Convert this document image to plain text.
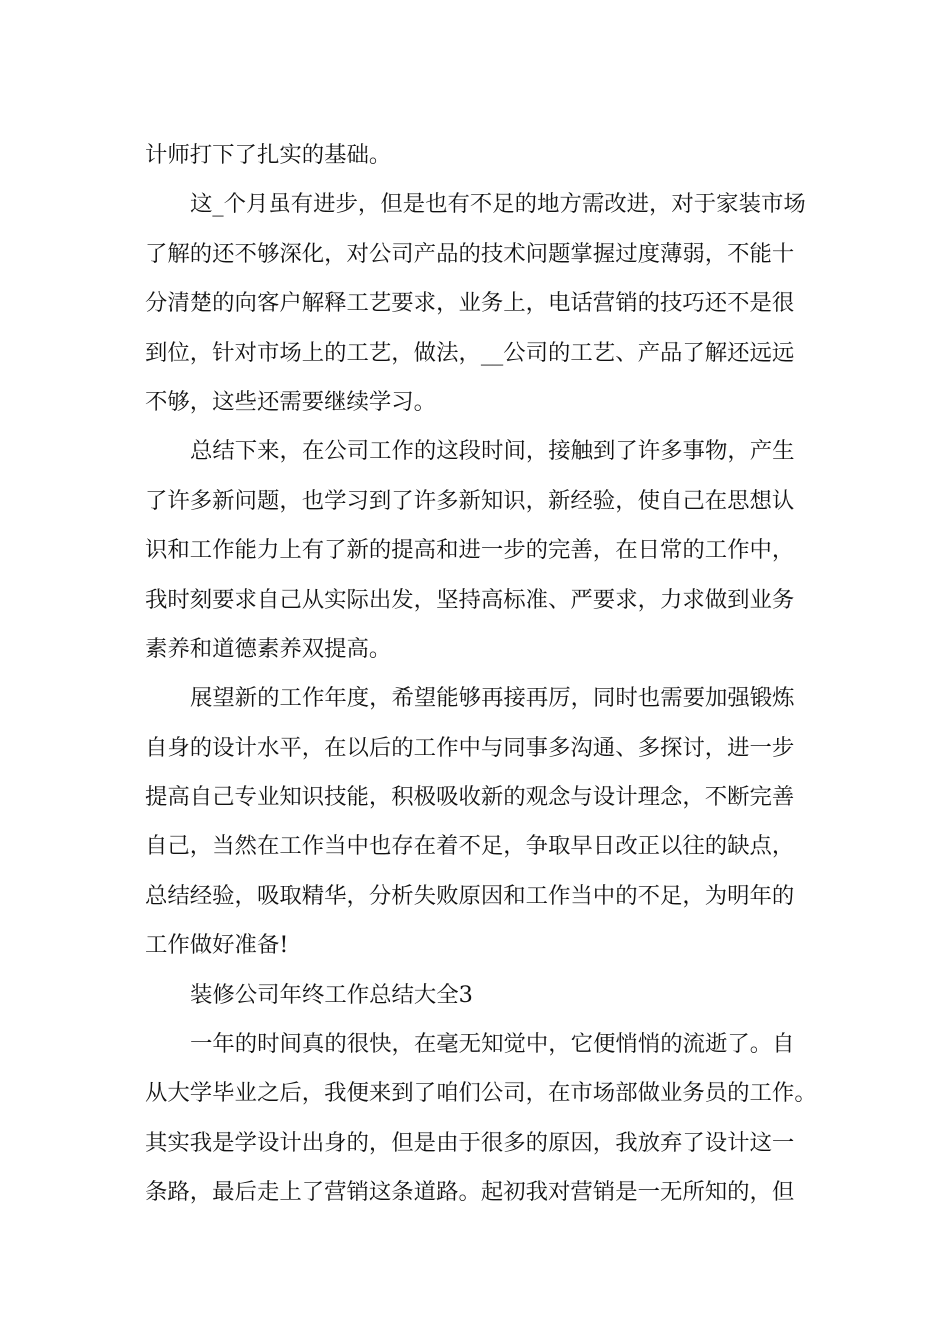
计师打下了扎实的基础。
这_个月虽有进步，但是也有不足的地方需改进，对于家装市场
了解的还不够深化，对公司产品的技术问题掌握过度薄弱，不能十
分清楚的向客户解释工艺要求，业务上，电话营销的技巧还不是很
到位，针对市场上的工艺，做法，__公司的工艺、产品了解还远远
不够，这些还需要继续学习。
总结下来，在公司工作的这段时间，接触到了许多事物，产生
了许多新问题，也学习到了许多新知识，新经验，使自己在思想认
识和工作能力上有了新的提高和进一步的完善，在日常的工作中，
我时刻要求自己从实际出发，坚持高标准、严要求，力求做到业务
素养和道德素养双提高。
展望新的工作年度，希望能够再接再厉，同时也需要加强锻炼
自身的设计水平，在以后的工作中与同事多沟通、多探讨，进一步
提高自己专业知识技能，积极吸收新的观念与设计理念，不断完善
自己，当然在工作当中也存在着不足，争取早日改正以往的缺点，
总结经验，吸取精华，分析失败原因和工作当中的不足，为明年的
工作做好准备!
装修公司年终工作总结大全3
一年的时间真的很快，在毫无知觉中，它便悄悄的流逝了。自
从大学毕业之后，我便来到了咱们公司，在市场部做业务员的工作。
其实我是学设计出身的，但是由于很多的原因，我放弃了设计这一
条路，最后走上了营销这条道路。起初我对营销是一无所知的，但
